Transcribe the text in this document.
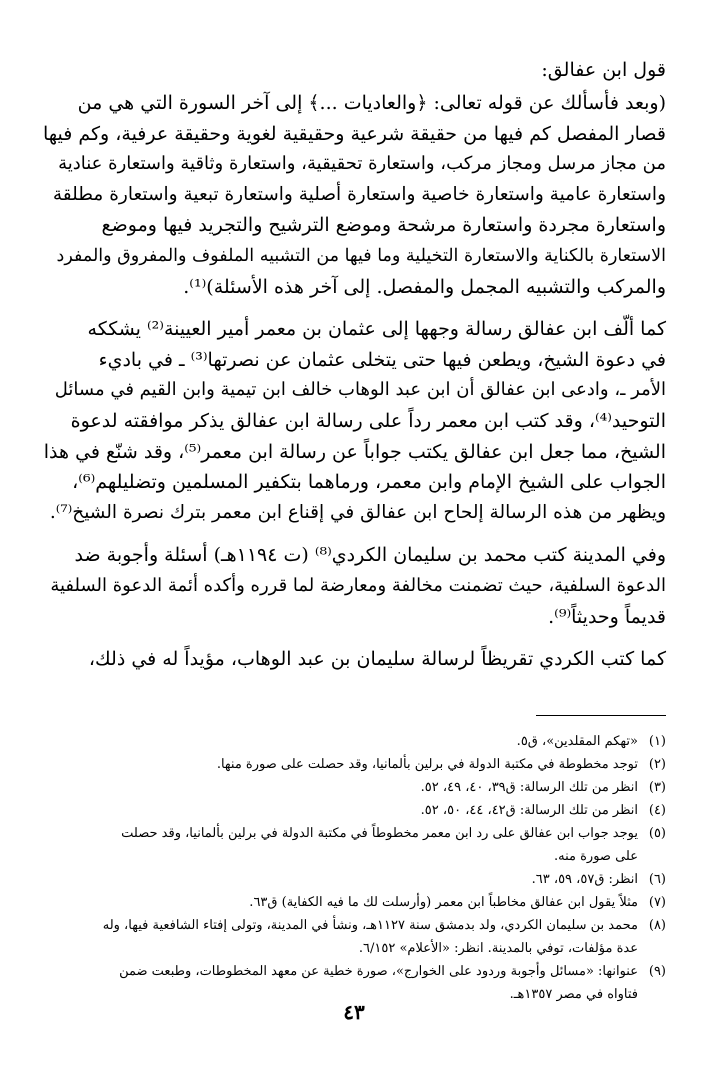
قول ابن عفالق:
(وبعد فأسألك عن قوله تعالى: ﴿والعاديات ...﴾ إلى آخر السورة التي هي من
قصار المفصل كم فيها من حقيقة شرعية وحقيقية لغوية وحقيقة عرفية، وكم فيها
من مجاز مرسل ومجاز مركب، واستعارة تحقيقية، واستعارة وثاقية واستعارة عنادية
واستعارة عامية واستعارة خاصية واستعارة أصلية واستعارة تبعية واستعارة مطلقة
واستعارة مجردة واستعارة مرشحة وموضع الترشيح والتجريد فيها وموضع
الاستعارة بالكناية والاستعارة التخيلية وما فيها من التشبيه الملفوف والمفروق والمفرد
والمركب والتشبيه المجمل والمفصل. إلى آخر هذه الأسئلة)⁽¹⁾.
كما ألّف ابن عفالق رسالة وجهها إلى عثمان بن معمر أمير العيينة⁽²⁾ يشككه
في دعوة الشيخ، ويطعن فيها حتى يتخلى عثمان عن نصرتها⁽³⁾ ـ في باديء
الأمر ـ، وادعى ابن عفالق أن ابن عبد الوهاب خالف ابن تيمية وابن القيم في مسائل
التوحيد⁽⁴⁾، وقد كتب ابن معمر رداً على رسالة ابن عفالق يذكر موافقته لدعوة
الشيخ، مما جعل ابن عفالق يكتب جواباً عن رسالة ابن معمر⁽⁵⁾، وقد شنّع في هذا
الجواب على الشيخ الإمام وابن معمر، ورماهما بتكفير المسلمين وتضليلهم⁽⁶⁾،
ويظهر من هذه الرسالة إلحاح ابن عفالق في إقناع ابن معمر بترك نصرة الشيخ⁽⁷⁾.
وفي المدينة كتب محمد بن سليمان الكردي⁽⁸⁾ (ت ١١٩٤هـ) أسئلة وأجوبة ضد
الدعوة السلفية، حيث تضمنت مخالفة ومعارضة لما قرره وأكده أئمة الدعوة السلفية
قديماً وحديثاً⁽⁹⁾.
كما كتب الكردي تقريظاً لرسالة سليمان بن عبد الوهاب، مؤيداً له في ذلك،
(١)
«تهكم المقلدين»، ق٥.
(٢)
توجد مخطوطة في مكتبة الدولة في برلين بألمانيا، وقد حصلت على صورة منها.
(٣)
انظر من تلك الرسالة: ق٣٩، ٤٠، ٤٩، ٥٢.
(٤)
انظر من تلك الرسالة: ق٤٢، ٤٤، ٥٠، ٥٢.
(٥)
يوجد جواب ابن عفالق على رد ابن معمر مخطوطاً في مكتبة الدولة في برلين بألمانيا، وقد حصلت
على صورة منه.
(٦)
انظر: ق٥٧، ٥٩، ٦٣.
(٧)
مثلاً يقول ابن عفالق مخاطباً ابن معمر (وأرسلت لك ما فيه الكفاية) ق٦٣.
(٨)
محمد بن سليمان الكردي، ولد بدمشق سنة ١١٢٧هـ، ونشأ في المدينة، وتولى إفتاء الشافعية فيها، وله
عدة مؤلفات، توفي بالمدينة. انظر: «الأعلام» ٦/١٥٢.
(٩)
عنوانها: «مسائل وأجوبة وردود على الخوارج»، صورة خطية عن معهد المخطوطات، وطبعت ضمن
فتاواه في مصر ١٣٥٧هـ.
٤٣
